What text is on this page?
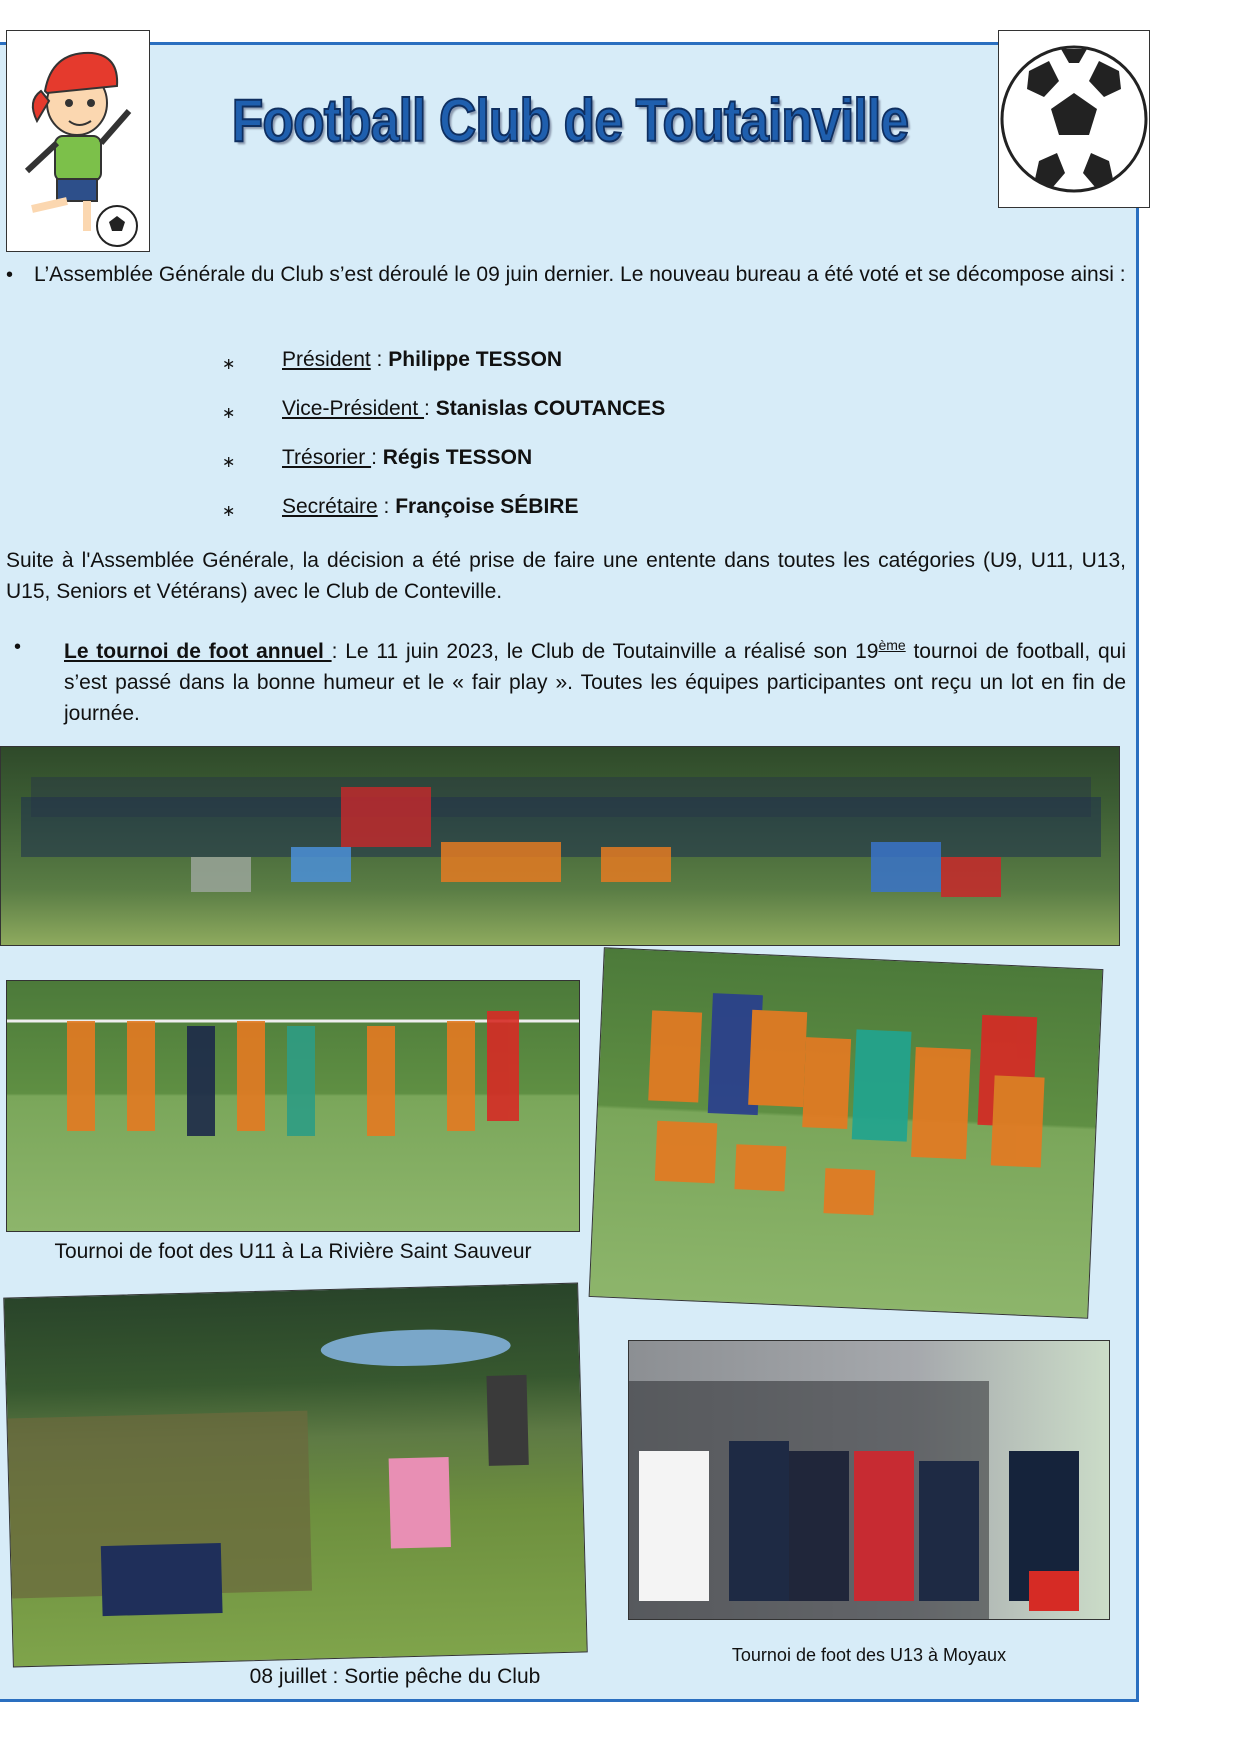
Football Club de Toutainville
• L’Assemblée Générale du Club s’est déroulé le 09 juin dernier. Le nouveau bureau a été voté et se décompose ainsi :
∗ Président : Philippe TESSON
∗ Vice-Président : Stanislas COUTANCES
∗ Trésorier : Régis TESSON
∗ Secrétaire : Françoise SÉBIRE
Suite à l'Assemblée Générale, la décision a été prise de faire une entente dans toutes les catégories (U9, U11, U13, U15, Seniors et Vétérans) avec le Club de Conteville.
• Le tournoi de foot annuel : Le 11 juin 2023, le Club de Toutainville a réalisé son 19ème tournoi de football, qui s’est passé dans la bonne humeur et le « fair play ». Toutes les équipes participantes ont reçu un lot en fin de journée.
Tournoi de foot des U11 à La Rivière Saint Sauveur
08 juillet : Sortie pêche du Club
Tournoi de foot des U13 à Moyaux
